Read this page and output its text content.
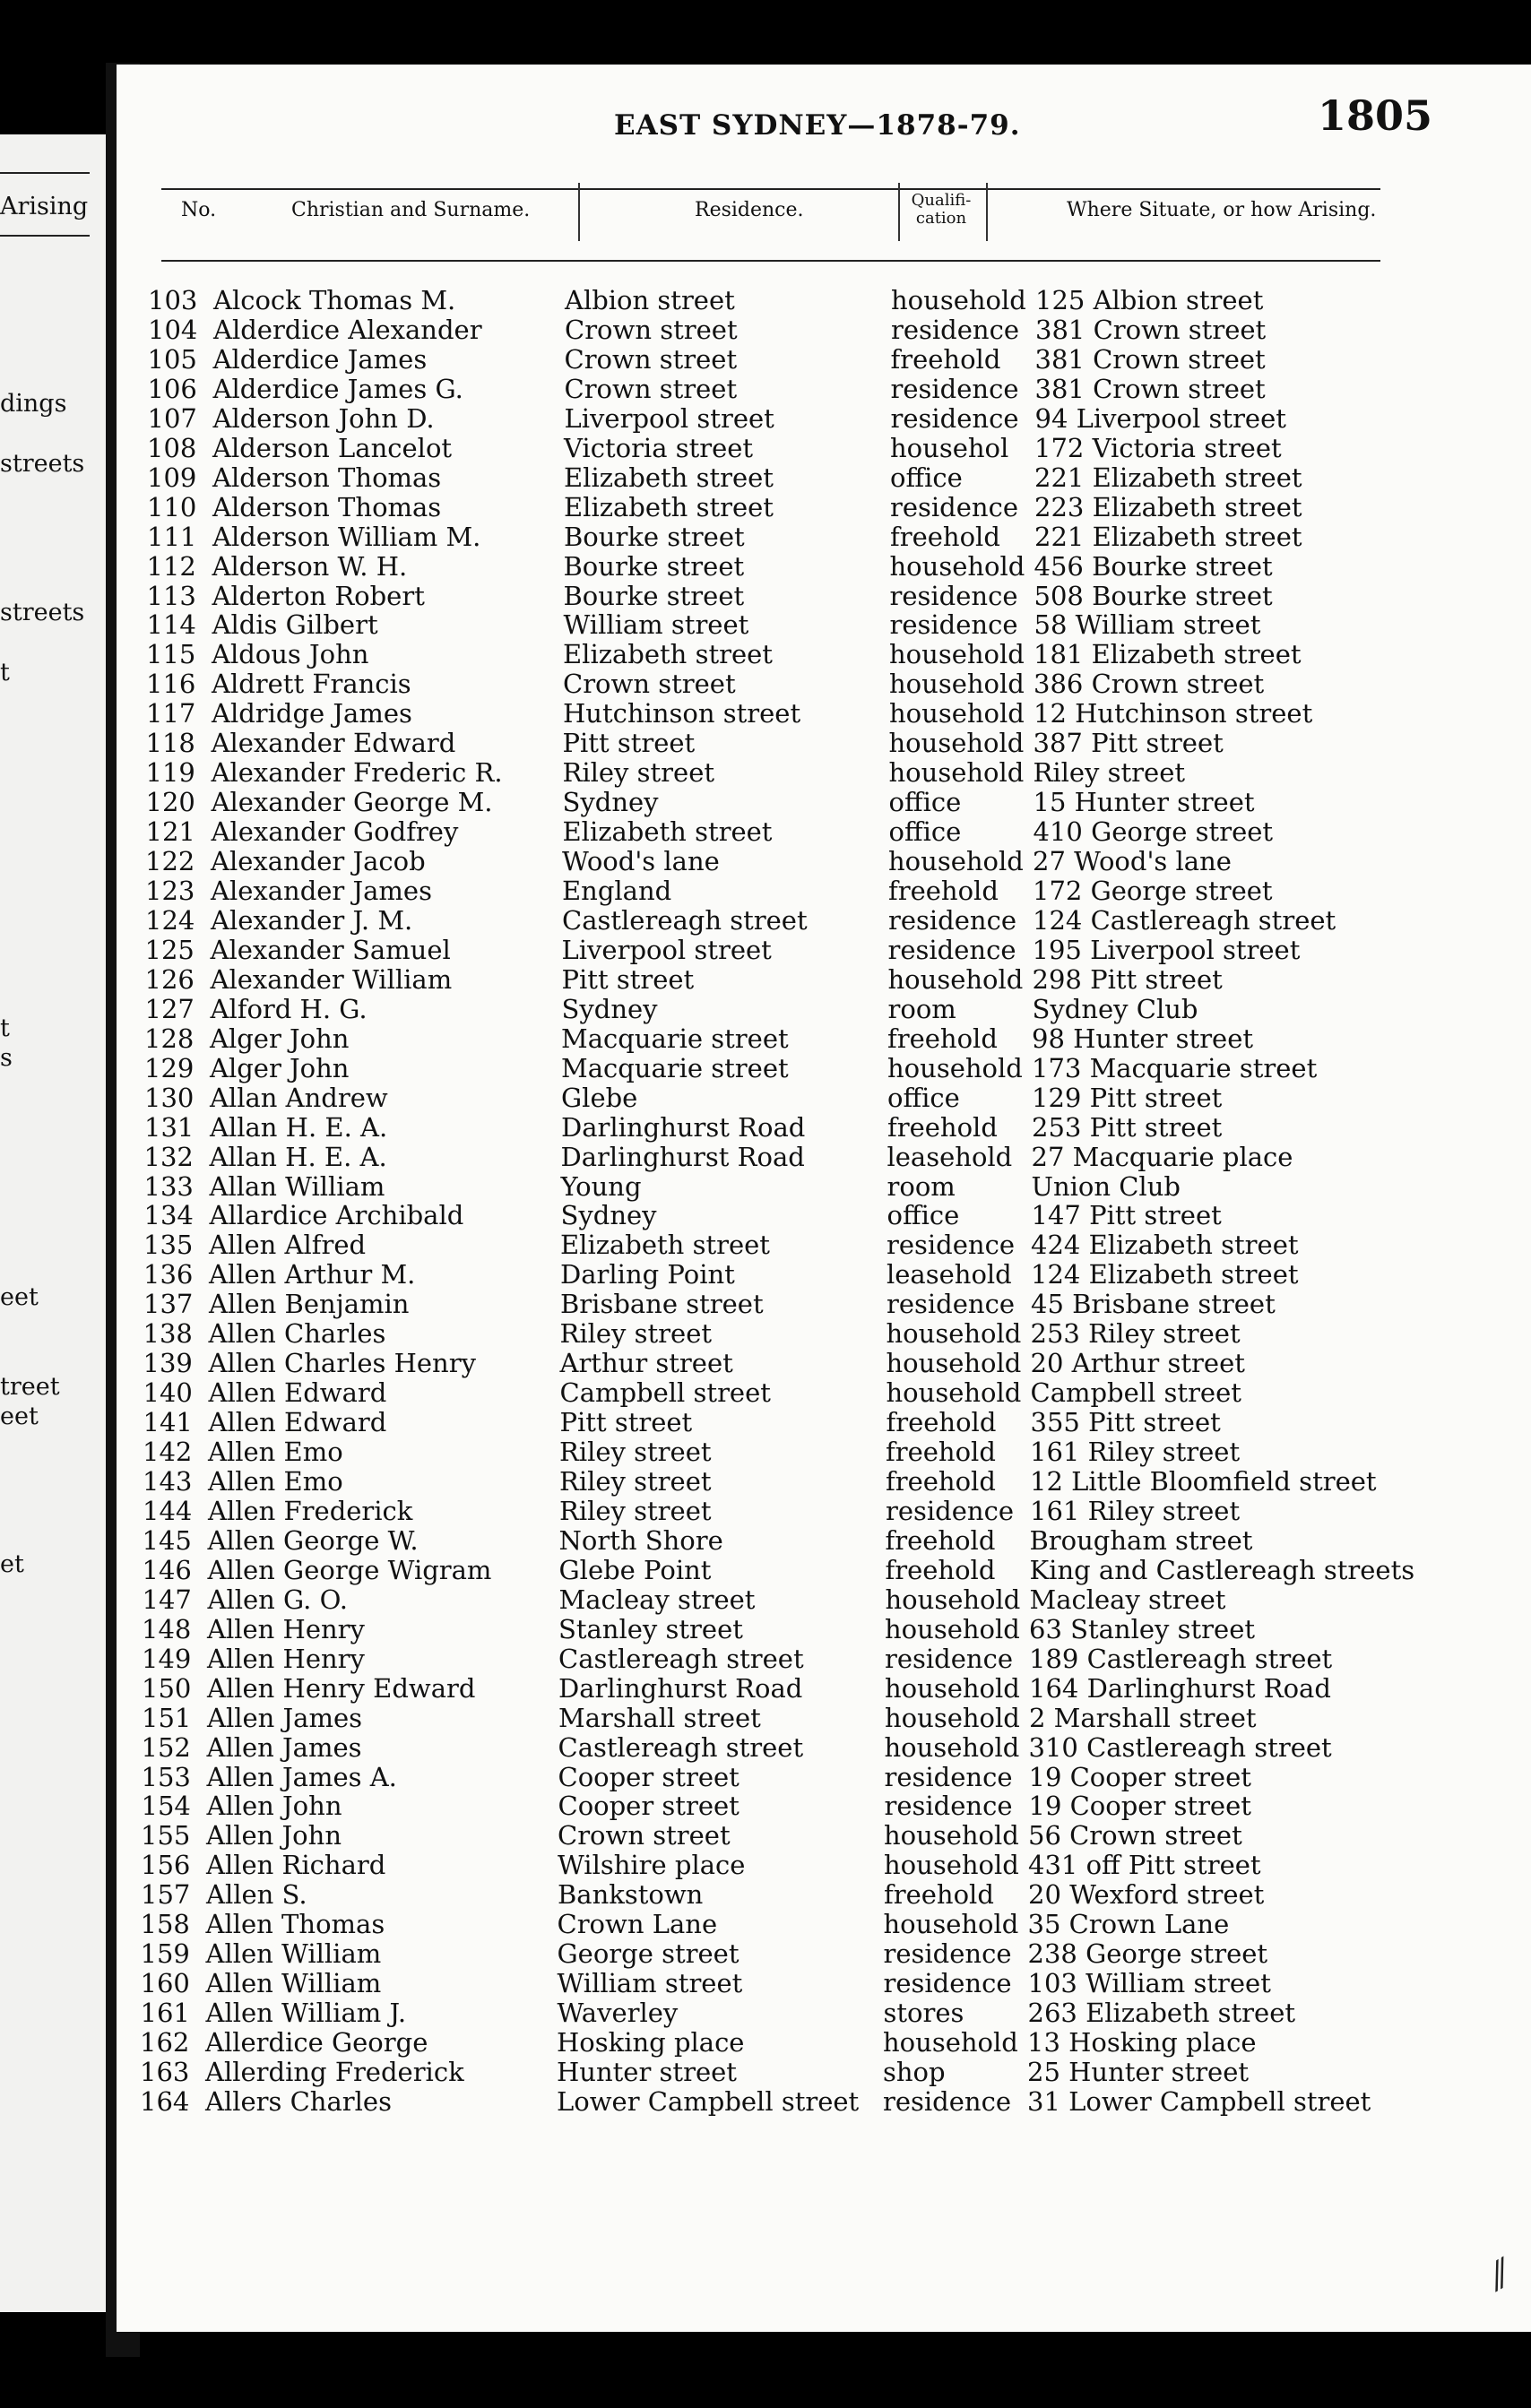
Arising
dings
streets
streets
t
t
s
eet
treet
eet
et
EAST SYDNEY—1878-79.	1805
No.	Christian and Surname.	Residence.	Qualifi-cation	Where Situate, or how Arising.
103 Alcock Thomas M.	Albion street	household 125 Albion street
104 Alderdice Alexander	Crown street	residence 381 Crown street
105 Alderdice James	Crown street	freehold 381 Crown street
106 Alderdice James G.	Crown street	residence 381 Crown street
107 Alderson John D.	Liverpool street	residence 94 Liverpool street
108 Alderson Lancelot	Victoria street	househol 172 Victoria street
109 Alderson Thomas	Elizabeth street	office	221 Elizabeth street
110 Alderson Thomas	Elizabeth street	residence 223 Elizabeth street
111 Alderson William M.	Bourke street	freehold 221 Elizabeth street
112 Alderson W. H.	Bourke street	household 456 Bourke street
113 Alderton Robert	Bourke street	residence 508 Bourke street
114 Aldis Gilbert	William street	residence 58 William street
115 Aldous John	Elizabeth street	household 181 Elizabeth street
116 Aldrett Francis	Crown street	household 386 Crown street
117 Aldridge James	Hutchinson street	household 12 Hutchinson street
118 Alexander Edward	Pitt street	household 387 Pitt street
119 Alexander Frederic R. Riley street	household Riley street
120 Alexander George M.	Sydney	office	15 Hunter street
121 Alexander Godfrey	Elizabeth street	office	410 George street
122 Alexander Jacob	Wood's lane	household 27 Wood's lane
123 Alexander James	England	freehold 172 George street
124 Alexander J. M.	Castlereagh street	residence 124 Castlereagh street
125 Alexander Samuel	Liverpool street	residence 195 Liverpool street
126 Alexander William	Pitt street	household 298 Pitt street
127 Alford H. G.	Sydney	room	Sydney Club
128 Alger John	Macquarie street	freehold 98 Hunter street
129 Alger John	Macquarie street	household 173 Macquarie street
130 Allan Andrew	Glebe	office	129 Pitt street
131 Allan H. E. A.	Darlinghurst Road	freehold 253 Pitt street
132 Allan H. E. A.	Darlinghurst Road	leasehold 27 Macquarie place
133 Allan William	Young	room	Union Club
134 Allardice Archibald	Sydney	office	147 Pitt street
135 Allen Alfred	Elizabeth street	residence 424 Elizabeth street
136 Allen Arthur M.	Darling Point	leasehold 124 Elizabeth street
137 Allen Benjamin	Brisbane street	residence 45 Brisbane street
138 Allen Charles	Riley street	household 253 Riley street
139 Allen Charles Henry	Arthur street	household 20 Arthur street
140 Allen Edward	Campbell street	household Campbell street
141 Allen Edward	Pitt street	freehold 355 Pitt street
142 Allen Emo	Riley street	freehold 161 Riley street
143 Allen Emo	Riley street	freehold 12 Little Bloomfield street
144 Allen Frederick	Riley street	residence 161 Riley street
145 Allen George W.	North Shore	freehold Brougham street
146 Allen George Wigram	Glebe Point	freehold King and Castlereagh streets
147 Allen G. O.	Macleay street	household Macleay street
148 Allen Henry	Stanley street	household 63 Stanley street
149 Allen Henry	Castlereagh street	residence 189 Castlereagh street
150 Allen Henry Edward	Darlinghurst Road	household 164 Darlinghurst Road
151 Allen James	Marshall street	household 2 Marshall street
152 Allen James	Castlereagh street	household 310 Castlereagh street
153 Allen James A.	Cooper street	residence 19 Cooper street
154 Allen John	Cooper street	residence 19 Cooper street
155 Allen John	Crown street	household 56 Crown street
156 Allen Richard	Wilshire place	household 431 off Pitt street
157 Allen S.	Bankstown	freehold 20 Wexford street
158 Allen Thomas	Crown Lane	household 35 Crown Lane
159 Allen William	George street	residence 238 George street
160 Allen William	William street	residence 103 William street
161 Allen William J.	Waverley	stores 263 Elizabeth street
162 Allerdice George	Hosking place	household 13 Hosking place
163 Allerding Frederick	Hunter street	shop	25 Hunter street
164 Allers Charles	Lower Campbell street residence 31 Lower Campbell street
⁄⁄
